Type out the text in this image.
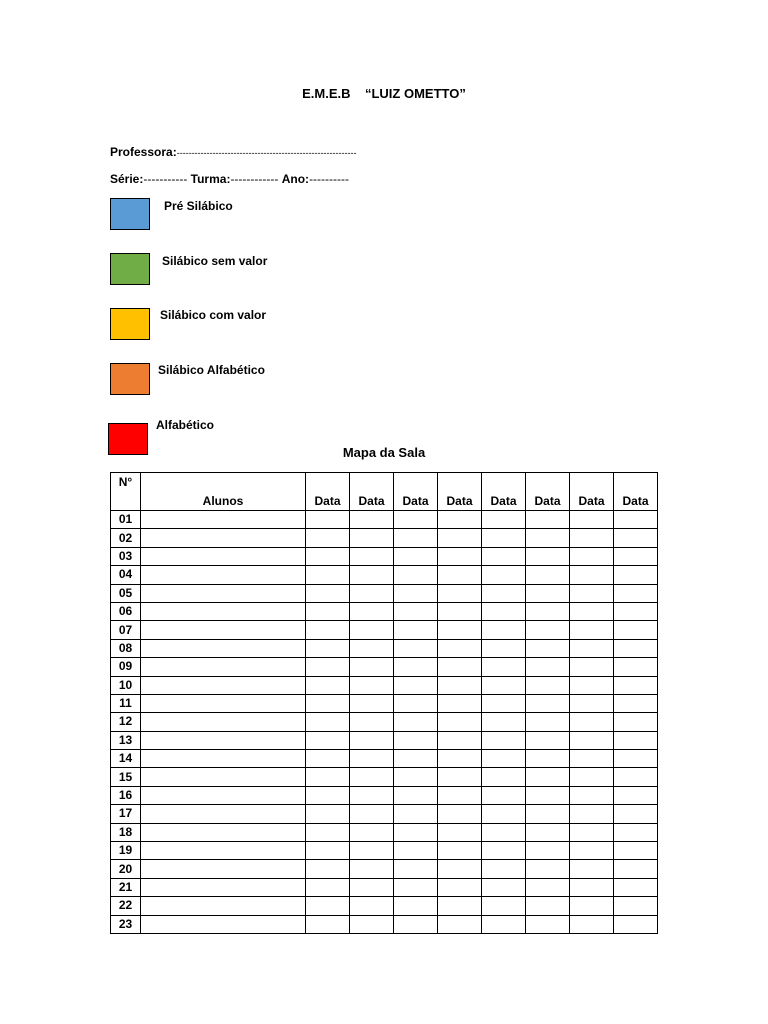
E.M.E.B    “LUIZ OMETTO”
Professora:------------------------------------------------------------
Série:----------- Turma:------------ Ano:----------
Pré Silábico
Silábico sem valor
Silábico com valor
Silábico Alfabético
Alfabético
Mapa da Sala
N°	Alunos	Data	Data	Data	Data	Data	Data	Data	Data
01									
02									
03									
04									
05									
06									
07									
08									
09									
10									
11									
12									
13									
14									
15									
16									
17									
18									
19									
20									
21									
22									
23									
